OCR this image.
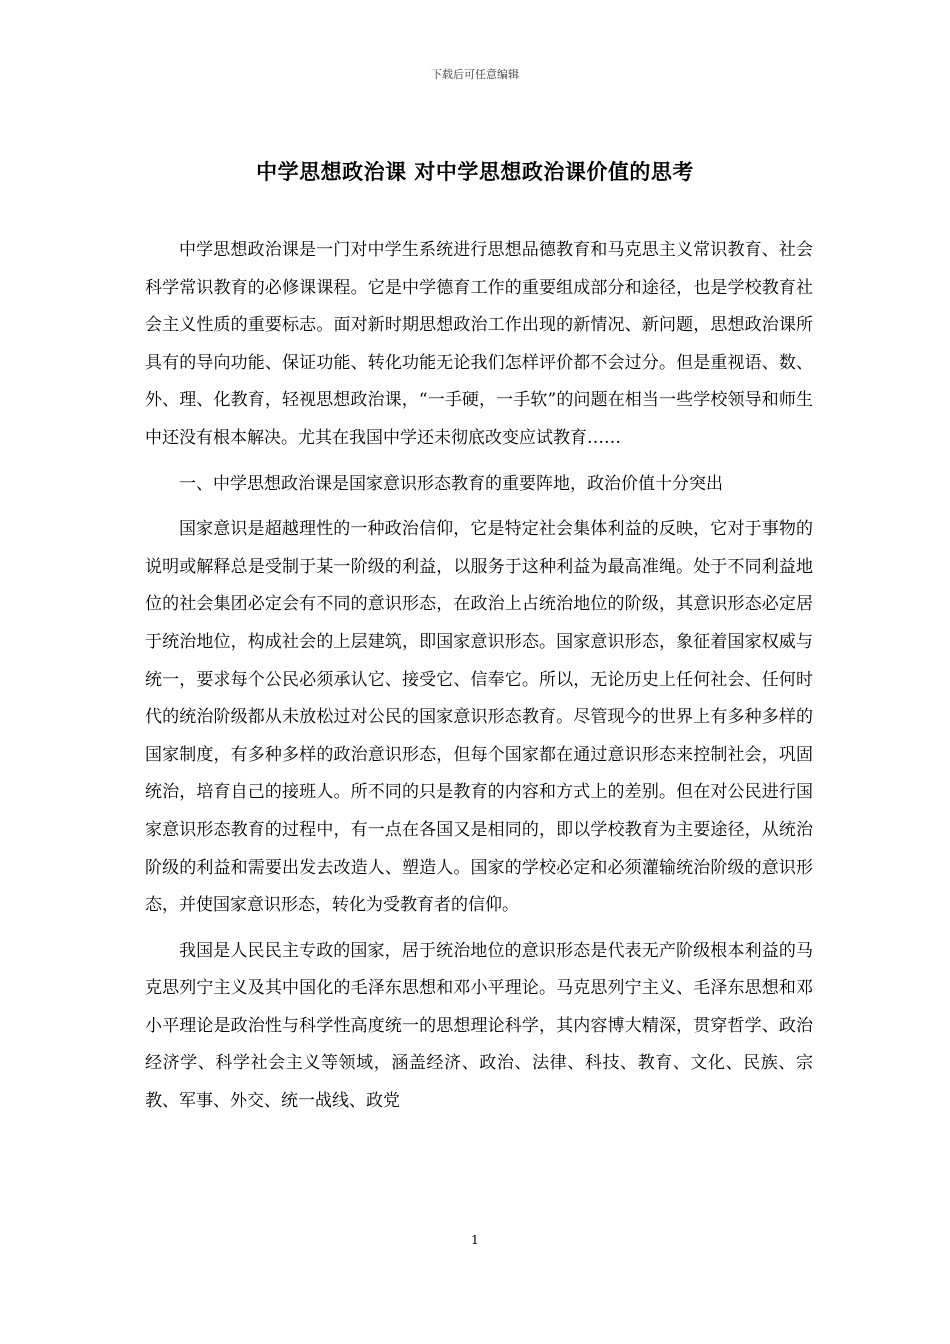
下载后可任意编辑
中学思想政治课 对中学思想政治课价值的思考

中学思想政治课是一门对中学生系统进行思想品德教育和马克思主义常识教育、社会科学常识教育的必修课课程。它是中学德育工作的重要组成部分和途径，也是学校教育社会主义性质的重要标志。面对新时期思想政治工作出现的新情况、新问题，思想政治课所具有的导向功能、保证功能、转化功能无论我们怎样评价都不会过分。但是重视语、数、外、理、化教育，轻视思想政治课，“一手硬，一手软”的问题在相当一些学校领导和师生中还没有根本解决。尤其在我国中学还未彻底改变应试教育……

一、中学思想政治课是国家意识形态教育的重要阵地，政治价值十分突出

国家意识是超越理性的一种政治信仰，它是特定社会集体利益的反映，它对于事物的说明或解释总是受制于某一阶级的利益，以服务于这种利益为最高准绳。处于不同利益地位的社会集团必定会有不同的意识形态，在政治上占统治地位的阶级，其意识形态必定居于统治地位，构成社会的上层建筑，即国家意识形态。国家意识形态，象征着国家权威与统一，要求每个公民必须承认它、接受它、信奉它。所以，无论历史上任何社会、任何时代的统治阶级都从未放松过对公民的国家意识形态教育。尽管现今的世界上有多种多样的国家制度，有多种多样的政治意识形态，但每个国家都在通过意识形态来控制社会，巩固统治，培育自己的接班人。所不同的只是教育的内容和方式上的差别。但在对公民进行国家意识形态教育的过程中，有一点在各国又是相同的，即以学校教育为主要途径，从统治阶级的利益和需要出发去改造人、塑造人。国家的学校必定和必须灌输统治阶级的意识形态，并使国家意识形态，转化为受教育者的信仰。

我国是人民民主专政的国家，居于统治地位的意识形态是代表无产阶级根本利益的马克思列宁主义及其中国化的毛泽东思想和邓小平理论。马克思列宁主义、毛泽东思想和邓小平理论是政治性与科学性高度统一的思想理论科学，其内容博大精深，贯穿哲学、政治经济学、科学社会主义等领域，涵盖经济、政治、法律、科技、教育、文化、民族、宗教、军事、外交、统一战线、政党

1
